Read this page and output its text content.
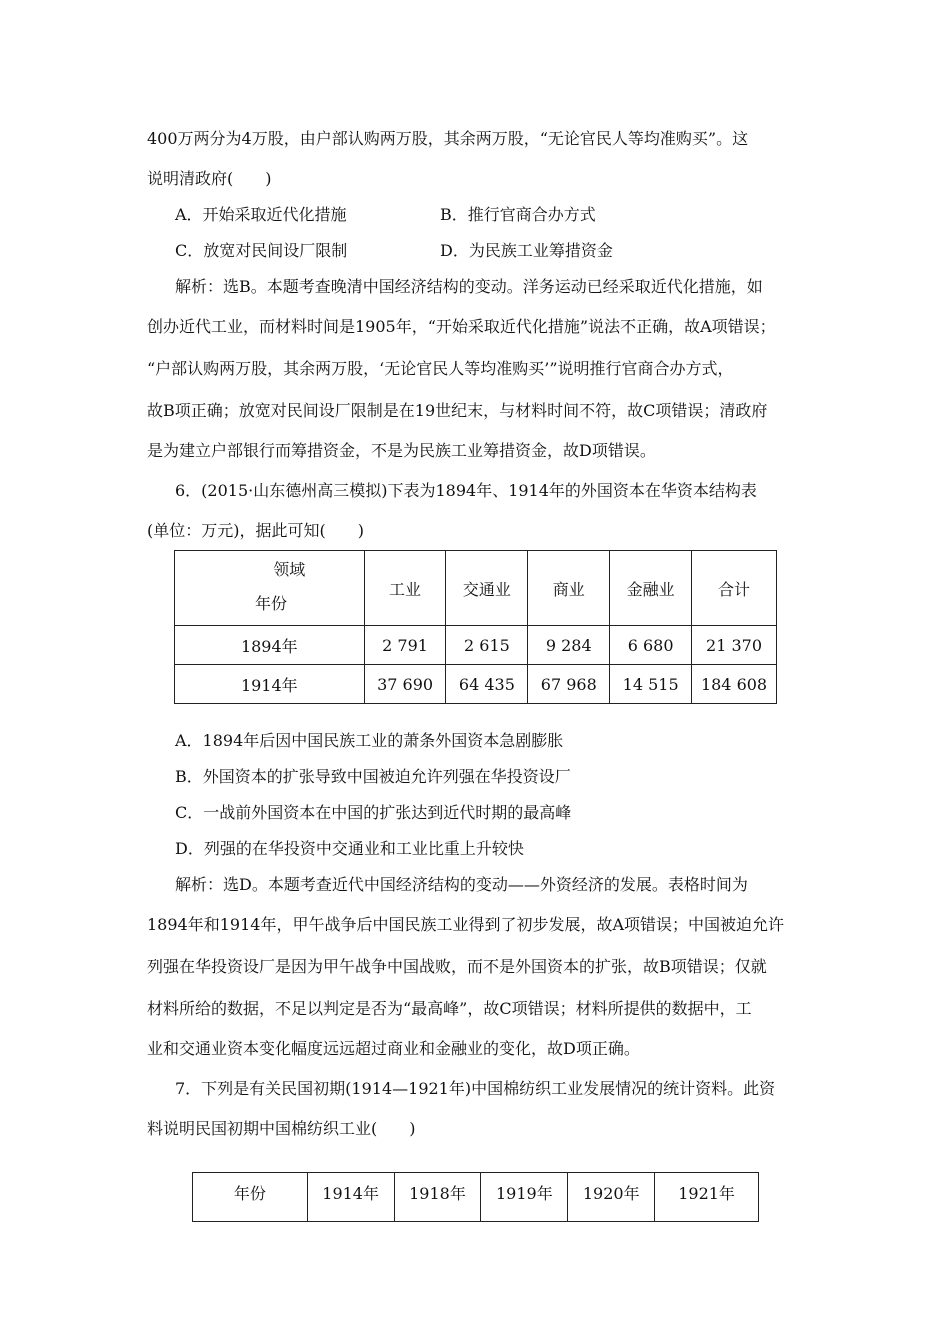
400万两分为4万股，由户部认购两万股，其余两万股，“无论官民人等均准购买”。这
说明清政府(　　)
A．开始采取近代化措施	B．推行官商合办方式
C．放宽对民间设厂限制	D．为民族工业筹措资金
解析：选B。本题考查晚清中国经济结构的变动。洋务运动已经采取近代化措施，如
创办近代工业，而材料时间是1905年，“开始采取近代化措施”说法不正确，故A项错误；
“户部认购两万股，其余两万股，‘无论官民人等均准购买’”说明推行官商合办方式，
故B项正确；放宽对民间设厂限制是在19世纪末，与材料时间不符，故C项错误；清政府
是为建立户部银行而筹措资金，不是为民族工业筹措资金，故D项错误。
6．(2015·山东德州高三模拟)下表为1894年、1914年的外国资本在华资本结构表
(单位：万元)，据此可知(　　)
领域
年份	工业	交通业	商业	金融业	合计
1894年	2 791	2 615	9 284	6 680	21 370
1914年	37 690	64 435	67 968	14 515	184 608
A．1894年后因中国民族工业的萧条外国资本急剧膨胀
B．外国资本的扩张导致中国被迫允许列强在华投资设厂
C．一战前外国资本在中国的扩张达到近代时期的最高峰
D．列强的在华投资中交通业和工业比重上升较快
解析：选D。本题考查近代中国经济结构的变动——外资经济的发展。表格时间为
1894年和1914年，甲午战争后中国民族工业得到了初步发展，故A项错误；中国被迫允许
列强在华投资设厂是因为甲午战争中国战败，而不是外国资本的扩张，故B项错误；仅就
材料所给的数据，不足以判定是否为“最高峰”，故C项错误；材料所提供的数据中，工
业和交通业资本变化幅度远远超过商业和金融业的变化，故D项正确。
7．下列是有关民国初期(1914—1921年)中国棉纺织工业发展情况的统计资料。此资
料说明民国初期中国棉纺织工业(　　)
年份	1914年	1918年	1919年	1920年	1921年
